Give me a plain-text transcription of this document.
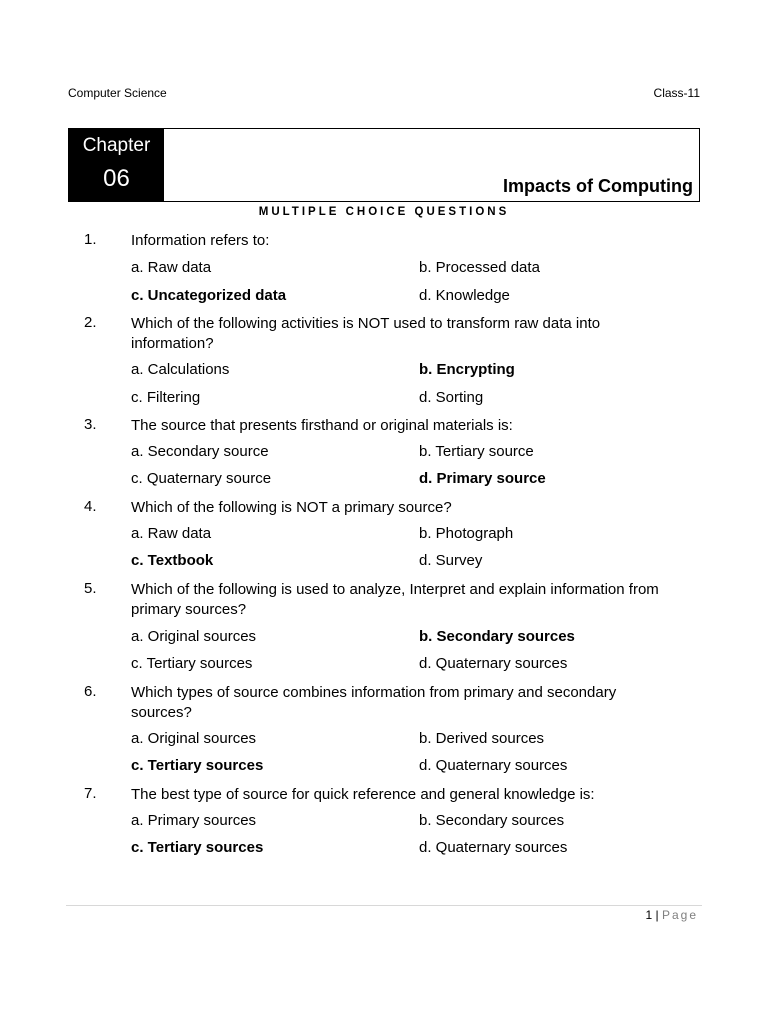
Computer Science	Class-11
Chapter
06	Impacts of Computing
MULTIPLE CHOICE QUESTIONS
1. Information refers to:
a. Raw data	b. Processed data
c. Uncategorized data	d. Knowledge
2. Which of the following activities is NOT used to transform raw data into information?
a. Calculations	b. Encrypting
c. Filtering	d. Sorting
3. The source that presents firsthand or original materials is:
a. Secondary source	b. Tertiary source
c. Quaternary source	d. Primary source
4. Which of the following is NOT a primary source?
a. Raw data	b. Photograph
c. Textbook	d. Survey
5. Which of the following is used to analyze, Interpret and explain information from primary sources?
a. Original sources	b. Secondary sources
c. Tertiary sources	d. Quaternary sources
6. Which types of source combines information from primary and secondary sources?
a. Original sources	b. Derived sources
c. Tertiary sources	d. Quaternary sources
7. The best type of source for quick reference and general knowledge is:
a. Primary sources	b. Secondary sources
c. Tertiary sources	d. Quaternary sources
1 | Page
